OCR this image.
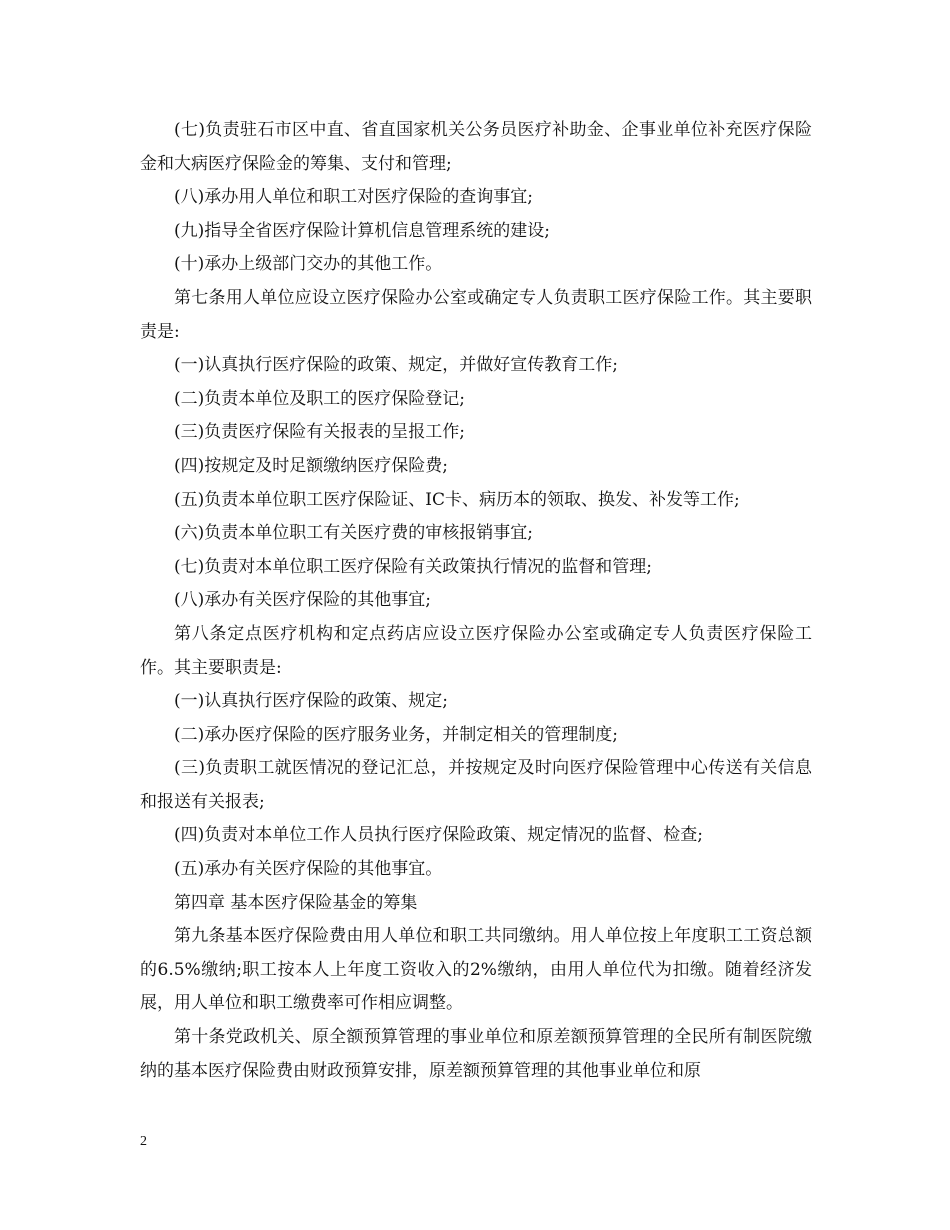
(七)负责驻石市区中直、省直国家机关公务员医疗补助金、企事业单位补充医疗保险金和大病医疗保险金的筹集、支付和管理;

(八)承办用人单位和职工对医疗保险的查询事宜;

(九)指导全省医疗保险计算机信息管理系统的建设;

(十)承办上级部门交办的其他工作。

第七条用人单位应设立医疗保险办公室或确定专人负责职工医疗保险工作。其主要职责是:

(一)认真执行医疗保险的政策、规定，并做好宣传教育工作;

(二)负责本单位及职工的医疗保险登记;

(三)负责医疗保险有关报表的呈报工作;

(四)按规定及时足额缴纳医疗保险费;

(五)负责本单位职工医疗保险证、IC卡、病历本的领取、换发、补发等工作;

(六)负责本单位职工有关医疗费的审核报销事宜;

(七)负责对本单位职工医疗保险有关政策执行情况的监督和管理;

(八)承办有关医疗保险的其他事宜;

第八条定点医疗机构和定点药店应设立医疗保险办公室或确定专人负责医疗保险工作。其主要职责是:

(一)认真执行医疗保险的政策、规定;

(二)承办医疗保险的医疗服务业务，并制定相关的管理制度;

(三)负责职工就医情况的登记汇总，并按规定及时向医疗保险管理中心传送有关信息和报送有关报表;

(四)负责对本单位工作人员执行医疗保险政策、规定情况的监督、检查;

(五)承办有关医疗保险的其他事宜。

第四章 基本医疗保险基金的筹集

第九条基本医疗保险费由用人单位和职工共同缴纳。用人单位按上年度职工工资总额的6.5%缴纳;职工按本人上年度工资收入的2%缴纳，由用人单位代为扣缴。随着经济发展，用人单位和职工缴费率可作相应调整。

第十条党政机关、原全额预算管理的事业单位和原差额预算管理的全民所有制医院缴纳的基本医疗保险费由财政预算安排，原差额预算管理的其他事业单位和原

2
